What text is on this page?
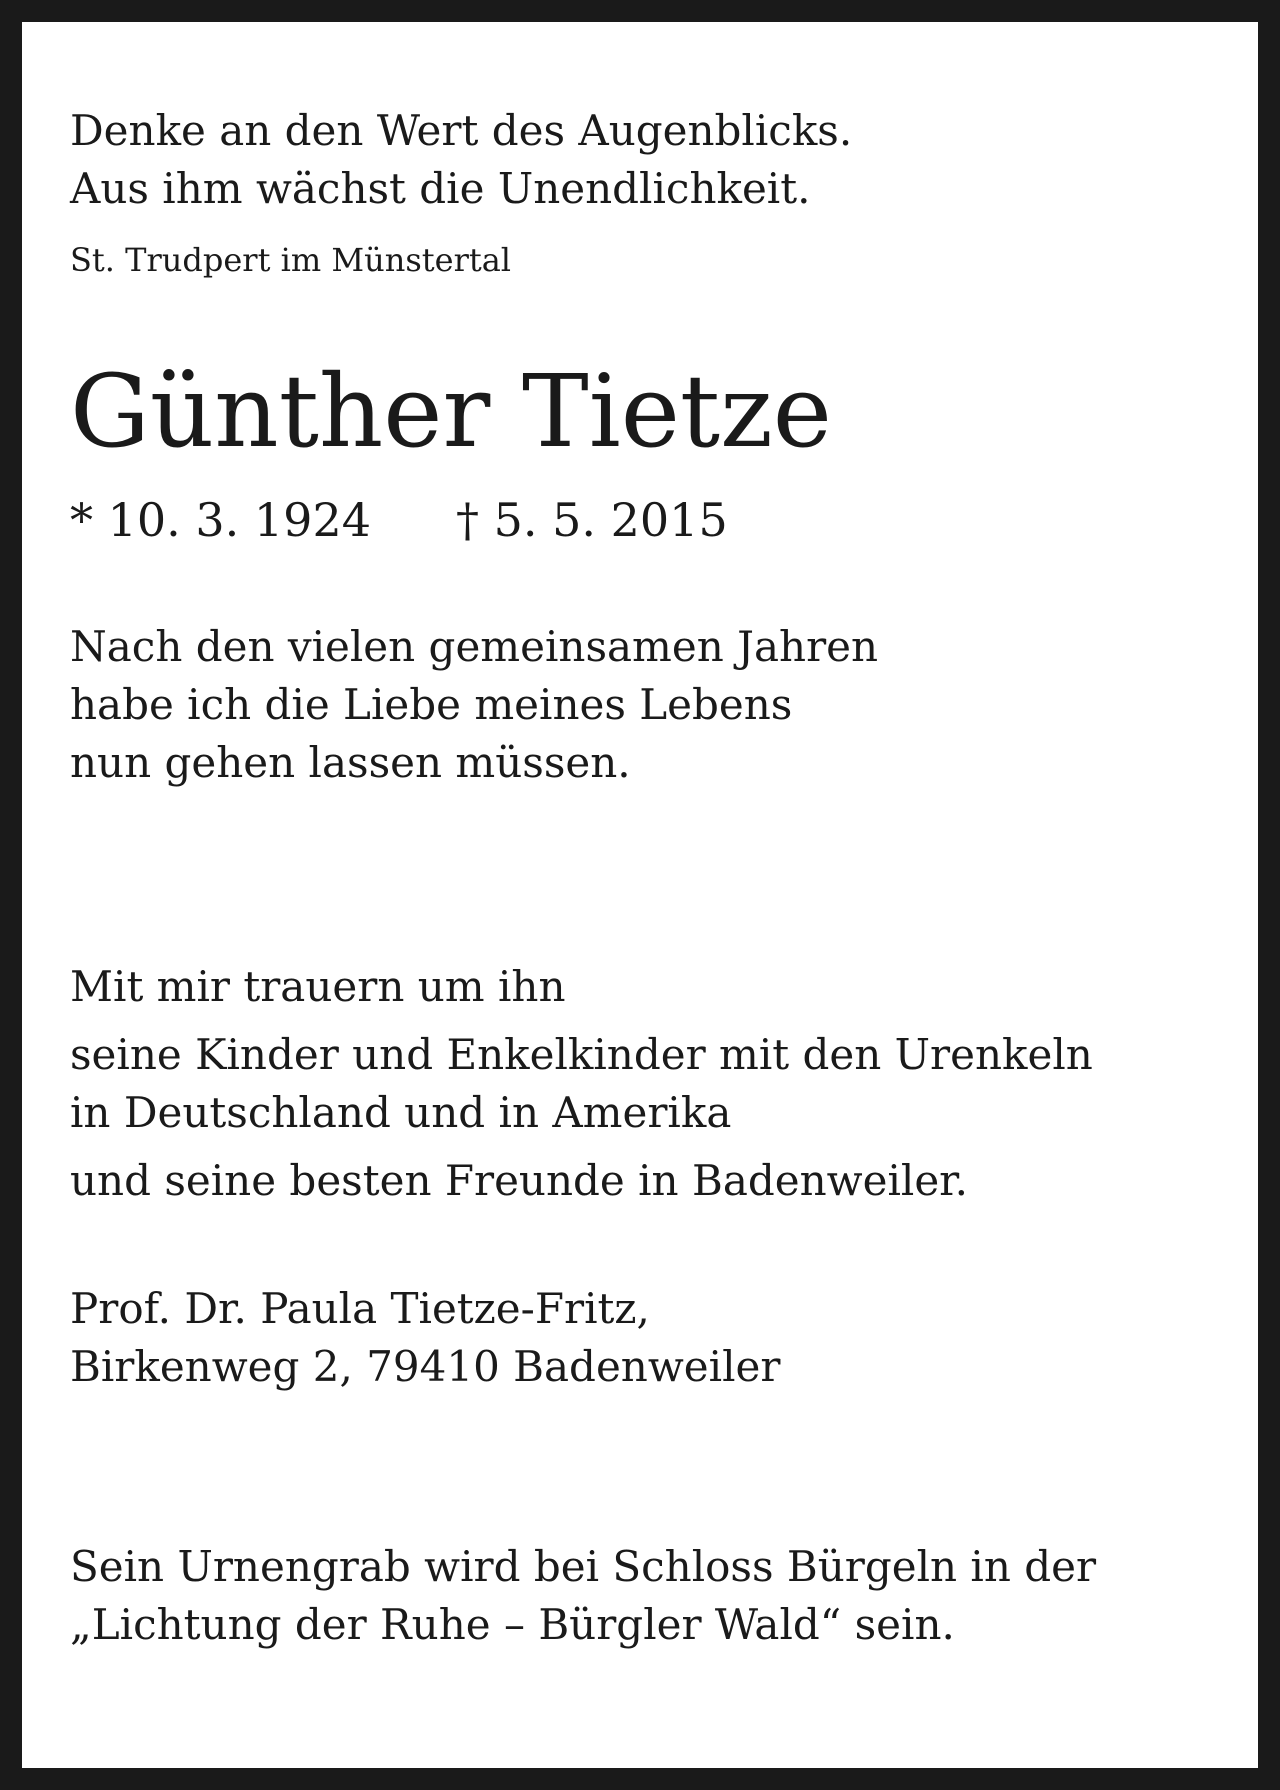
Denke an den Wert des Augenblicks.
Aus ihm wächst die Unendlichkeit.
St. Trudpert im Münstertal
Günther Tietze
* 10. 3. 1924	† 5. 5. 2015
Nach den vielen gemeinsamen Jahren
habe ich die Liebe meines Lebens
nun gehen lassen müssen.
Mit mir trauern um ihn
seine Kinder und Enkelkinder mit den Urenkeln
in Deutschland und in Amerika
und seine besten Freunde in Badenweiler.
Prof. Dr. Paula Tietze-Fritz,
Birkenweg 2, 79410 Badenweiler
Sein Urnengrab wird bei Schloss Bürgeln in der
„Lichtung der Ruhe – Bürgler Wald“ sein.
